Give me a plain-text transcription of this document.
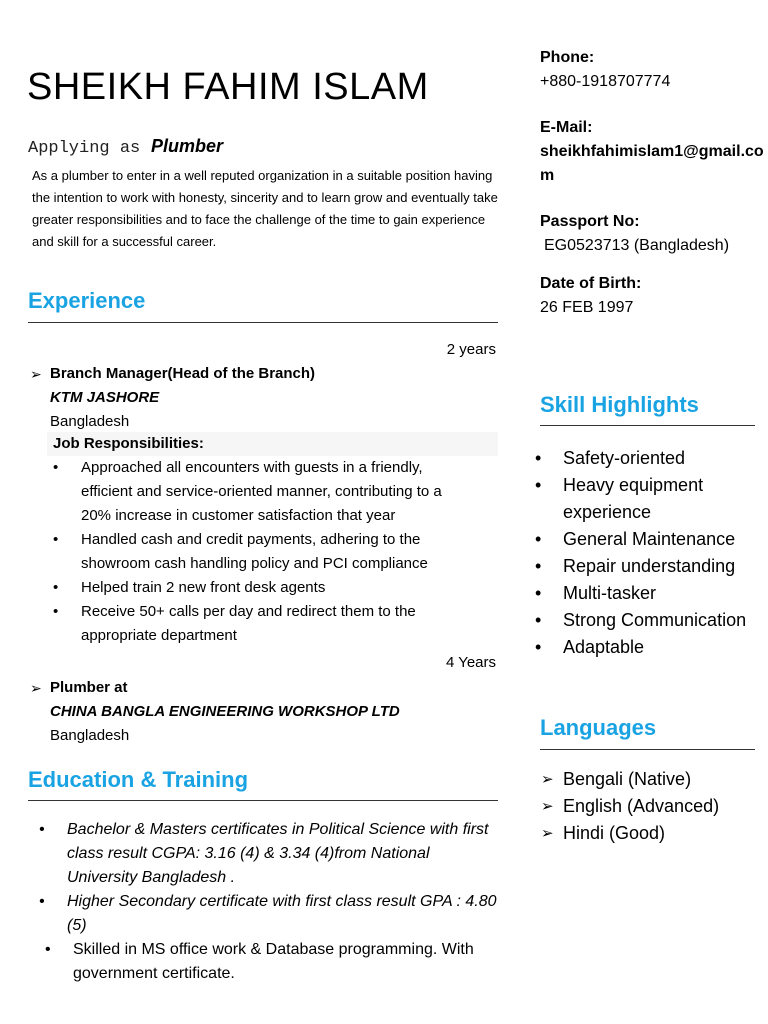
SHEIKH FAHIM ISLAM
Applying as Plumber
As a plumber to enter in a well reputed organization in a suitable position having the intention to work with honesty, sincerity and to learn grow and eventually take greater responsibilities and to face the challenge of the time to gain experience and skill for a successful career.
Experience
2 years
➢ Branch Manager(Head of the Branch)
KTM JASHORE
Bangladesh
Job Responsibilities:
• Approached all encounters with guests in a friendly, efficient and service-oriented manner, contributing to a 20% increase in customer satisfaction that year
• Handled cash and credit payments, adhering to the showroom cash handling policy and PCI compliance
• Helped train 2 new front desk agents
• Receive 50+ calls per day and redirect them to the appropriate department
4 Years
➢ Plumber at
CHINA BANGLA ENGINEERING WORKSHOP LTD
Bangladesh
Education & Training
• Bachelor & Masters certificates in Political Science with first class result CGPA: 3.16 (4) & 3.34 (4)from National University Bangladesh .
• Higher Secondary certificate with first class result GPA : 4.80 (5)
• Skilled in MS office work & Database programming. With government certificate.
Phone:
+880-1918707774
E-Mail:
sheikhfahimislam1@gmail.com
Passport No:
EG0523713 (Bangladesh)
Date of Birth:
26 FEB 1997
Skill Highlights
• Safety-oriented
• Heavy equipment experience
• General Maintenance
• Repair understanding
• Multi-tasker
• Strong Communication
• Adaptable
Languages
➢ Bengali (Native)
➢ English (Advanced)
➢ Hindi (Good)
